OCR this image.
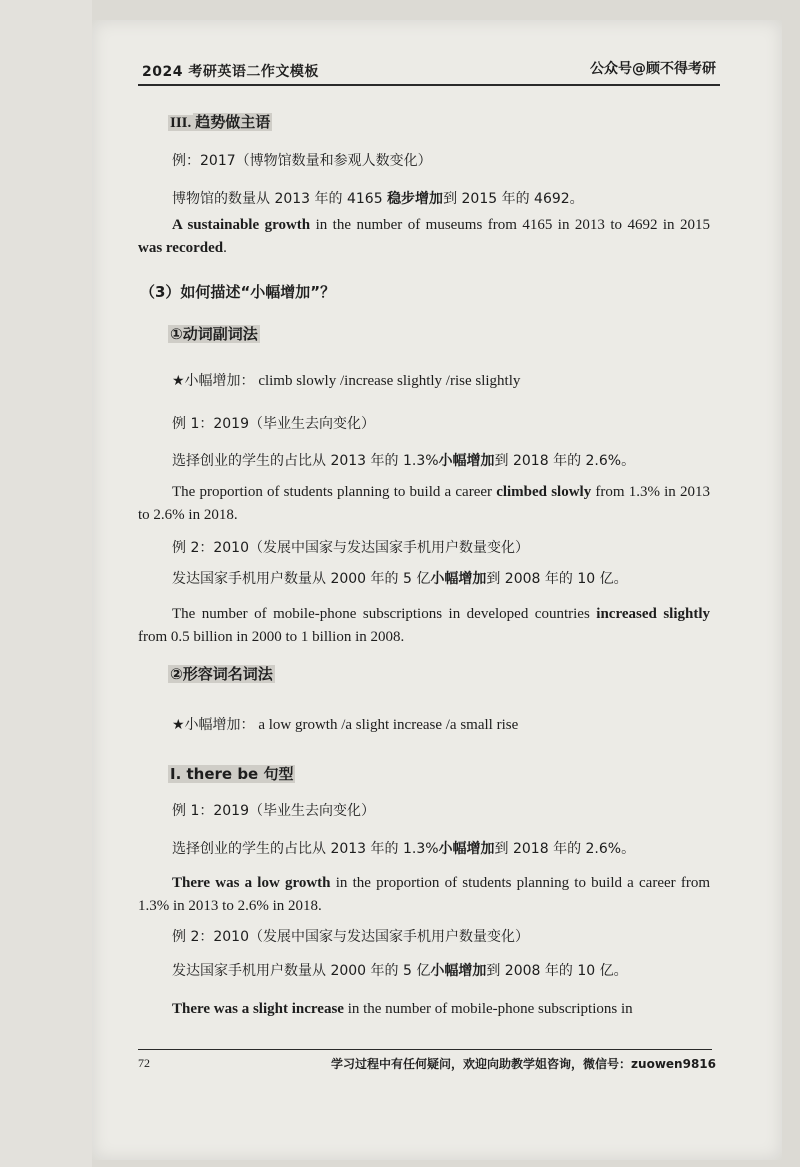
2024 考研英语二作文模板	公众号@顾不得考研
III. 趋势做主语
例：2017（博物馆数量和参观人数变化）
博物馆的数量从 2013 年的 4165 稳步增加到 2015 年的 4692。
A sustainable growth in the number of museums from 4165 in 2013 to 4692 in 2015 was recorded.
（3）如何描述“小幅增加”？
①动词副词法
★小幅增加： climb slowly /increase slightly /rise slightly
例 1：2019（毕业生去向变化）
选择创业的学生的占比从 2013 年的 1.3%小幅增加到 2018 年的 2.6%。
The proportion of students planning to build a career climbed slowly from 1.3% in 2013 to 2.6% in 2018.
例 2：2010（发展中国家与发达国家手机用户数量变化）
发达国家手机用户数量从 2000 年的 5 亿小幅增加到 2008 年的 10 亿。
The number of mobile-phone subscriptions in developed countries increased slightly from 0.5 billion in 2000 to 1 billion in 2008.
②形容词名词法
★小幅增加： a low growth /a slight increase /a small rise
I. there be 句型
例 1：2019（毕业生去向变化）
选择创业的学生的占比从 2013 年的 1.3%小幅增加到 2018 年的 2.6%。
There was a low growth in the proportion of students planning to build a career from 1.3% in 2013 to 2.6% in 2018.
例 2：2010（发展中国家与发达国家手机用户数量变化）
发达国家手机用户数量从 2000 年的 5 亿小幅增加到 2008 年的 10 亿。
There was a slight increase in the number of mobile-phone subscriptions in
72	学习过程中有任何疑问，欢迎向助教学姐咨询，微信号：zuowen9816
